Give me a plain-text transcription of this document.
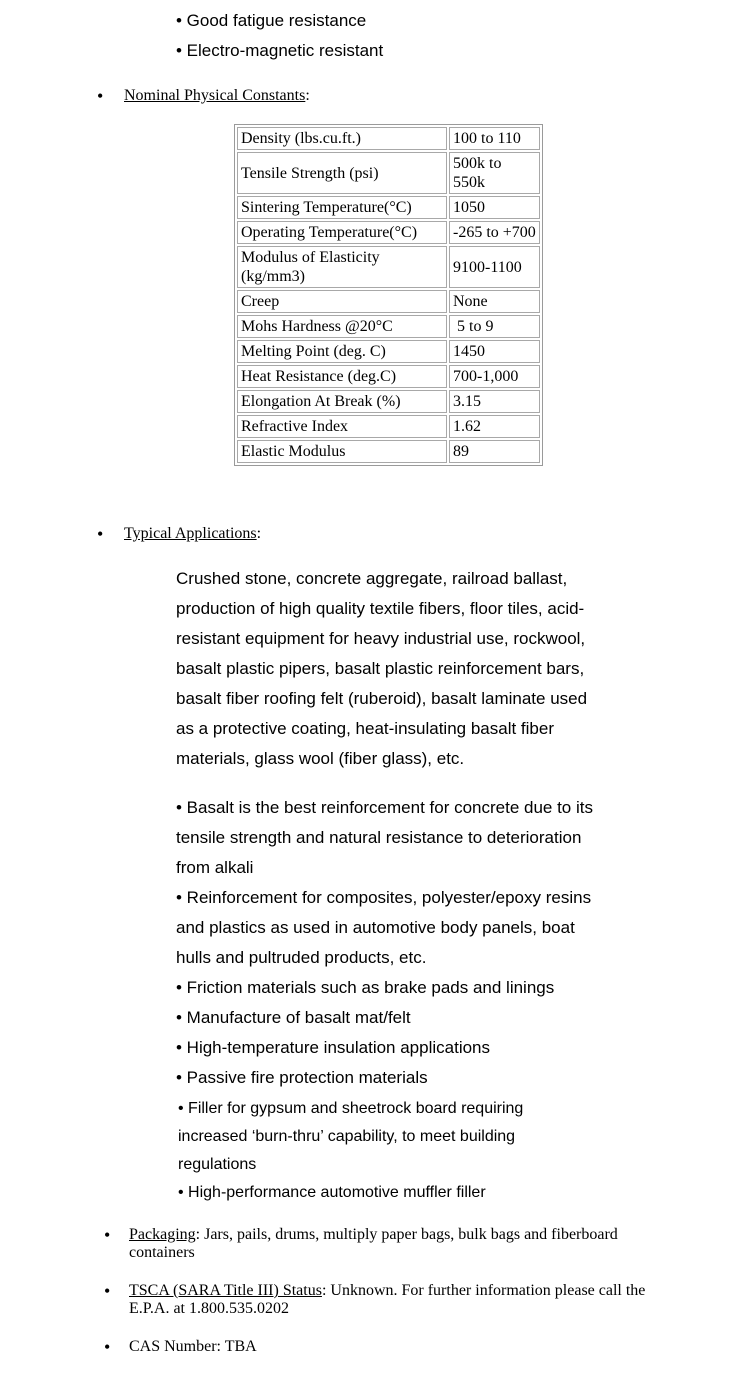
• Good fatigue resistance
• Electro-magnetic resistant
• Nominal Physical Constants:
Density (lbs.cu.ft.)	100 to 110
Tensile Strength (psi)	500k to 550k
Sintering Temperature(°C)	1050
Operating Temperature(°C)	-265 to +700
Modulus of Elasticity (kg/mm3)	9100-1100
Creep	None
Mohs Hardness @20°C	5 to 9
Melting Point (deg. C)	1450
Heat Resistance (deg.C)	700-1,000
Elongation At Break (%)	3.15
Refractive Index	1.62
Elastic Modulus	89
• Typical Applications:
Crushed stone, concrete aggregate, railroad ballast, production of high quality textile fibers, floor tiles, acid-resistant equipment for heavy industrial use, rockwool, basalt plastic pipers, basalt plastic reinforcement bars, basalt fiber roofing felt (ruberoid), basalt laminate used as a protective coating, heat-insulating basalt fiber materials, glass wool (fiber glass), etc.
• Basalt is the best reinforcement for concrete due to its tensile strength and natural resistance to deterioration from alkali
• Reinforcement for composites, polyester/epoxy resins and plastics as used in automotive body panels, boat hulls and pultruded products, etc.
• Friction materials such as brake pads and linings
• Manufacture of basalt mat/felt
• High-temperature insulation applications
• Passive fire protection materials
• Filler for gypsum and sheetrock board requiring increased ‘burn-thru’ capability, to meet building regulations
• High-performance automotive muffler filler
• Packaging: Jars, pails, drums, multiply paper bags, bulk bags and fiberboard containers
• TSCA (SARA Title III) Status: Unknown. For further information please call the E.P.A. at 1.800.535.0202
• CAS Number: TBA
